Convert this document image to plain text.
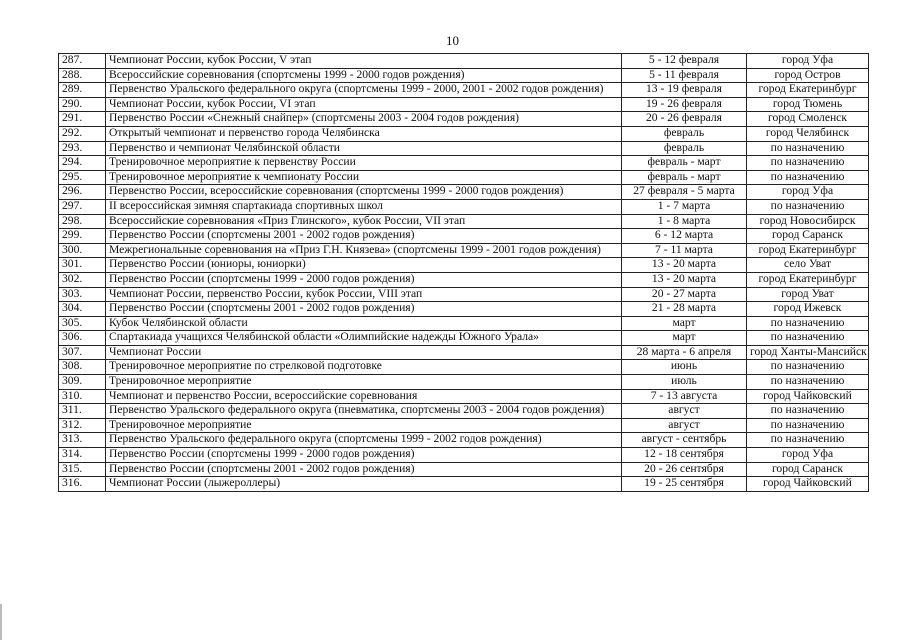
10
287.	Чемпионат России, кубок России, V этап	5 - 12 февраля	город Уфа
288.	Всероссийские соревнования (спортсмены 1999 - 2000 годов рождения)	5 - 11 февраля	город Остров
289.	Первенство Уральского федерального округа (спортсмены 1999 - 2000, 2001 - 2002 годов рождения)	13 - 19 февраля	город Екатеринбург
290.	Чемпионат России, кубок России, VI этап	19 - 26 февраля	город Тюмень
291.	Первенство России «Снежный снайпер» (спортсмены 2003 - 2004 годов рождения)	20 - 26 февраля	город Смоленск
292.	Открытый чемпионат и первенство города Челябинска	февраль	город Челябинск
293.	Первенство и чемпионат Челябинской области	февраль	по назначению
294.	Тренировочное мероприятие к первенству России	февраль - март	по назначению
295.	Тренировочное мероприятие к чемпионату России	февраль - март	по назначению
296.	Первенство России, всероссийские соревнования (спортсмены 1999 - 2000 годов рождения)	27 февраля - 5 марта	город Уфа
297.	II всероссийская зимняя спартакиада спортивных школ	1 - 7 марта	по назначению
298.	Всероссийские соревнования «Приз Глинского», кубок России, VII этап	1 - 8 марта	город Новосибирск
299.	Первенство России (спортсмены 2001 - 2002 годов рождения)	6 - 12 марта	город Саранск
300.	Межрегиональные соревнования на «Приз Г.Н. Князева» (спортсмены 1999 - 2001 годов рождения)	7 - 11 марта	город Екатеринбург
301.	Первенство России (юниоры, юниорки)	13 - 20 марта	село Уват
302.	Первенство России (спортсмены 1999 - 2000 годов рождения)	13 - 20 марта	город Екатеринбург
303.	Чемпионат России, первенство России, кубок России, VIII этап	20 - 27 марта	город Уват
304.	Первенство России (спортсмены 2001 - 2002 годов рождения)	21 - 28 марта	город Ижевск
305.	Кубок Челябинской области	март	по назначению
306.	Спартакиада учащихся Челябинской области «Олимпийские надежды Южного Урала»	март	по назначению
307.	Чемпионат России	28 марта - 6 апреля	город Ханты-Мансийск
308.	Тренировочное мероприятие по стрелковой подготовке	июнь	по назначению
309.	Тренировочное мероприятие	июль	по назначению
310.	Чемпионат и первенство России, всероссийские соревнования	7 - 13 августа	город Чайковский
311.	Первенство Уральского федерального округа (пневматика, спортсмены 2003 - 2004 годов рождения)	август	по назначению
312.	Тренировочное мероприятие	август	по назначению
313.	Первенство Уральского федерального округа (спортсмены 1999 - 2002 годов рождения)	август - сентябрь	по назначению
314.	Первенство России (спортсмены 1999 - 2000 годов рождения)	12 - 18 сентября	город Уфа
315.	Первенство России (спортсмены 2001 - 2002 годов рождения)	20 - 26 сентября	город Саранск
316.	Чемпионат России (лыжероллеры)	19 - 25 сентября	город Чайковский
